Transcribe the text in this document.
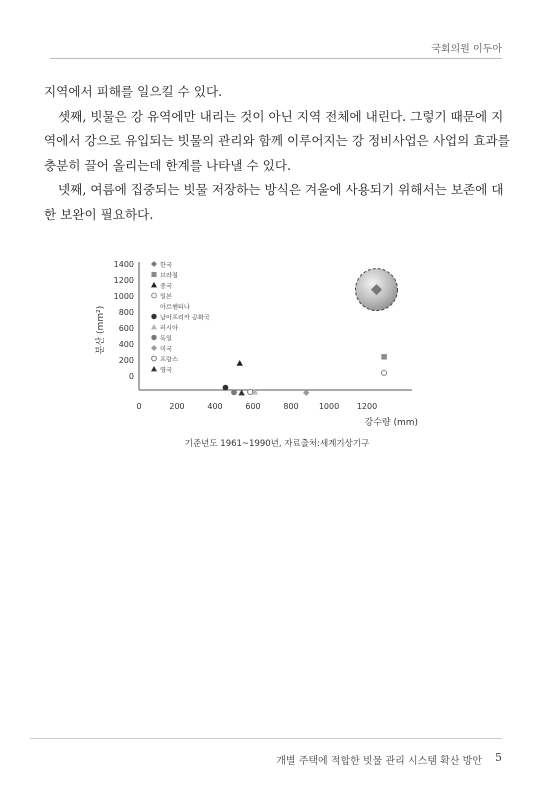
국회의원 이두아

지역에서 피해를 일으킬 수 있다.

셋째, 빗물은 강 유역에만 내리는 것이 아닌 지역 전체에 내린다. 그렇기 때문에 지역에서 강으로 유입되는 빗물의 관리와 함께 이루어지는 강 정비사업은 사업의 효과를 충분히 끌어 올리는데 한계를 나타낼 수 있다.

넷째, 여름에 집중되는 빗물 저장하는 방식은 겨울에 사용되기 위해서는 보존에 대한 보완이 필요하다.

분산 (mm²)
강수량 (mm)
0	200	400	600	800	1000 1200
0
200
400
600
800
1000
1200
1400	한국
브라질
중국
일본
아르헨티나
남아프리카 공화국
러시아
독일
미국
프랑스
영국
기준년도 1961~1990년, 자료출처:세계기상기구
개별 주택에 적합한 빗물 관리 시스템 확산 방안 5
